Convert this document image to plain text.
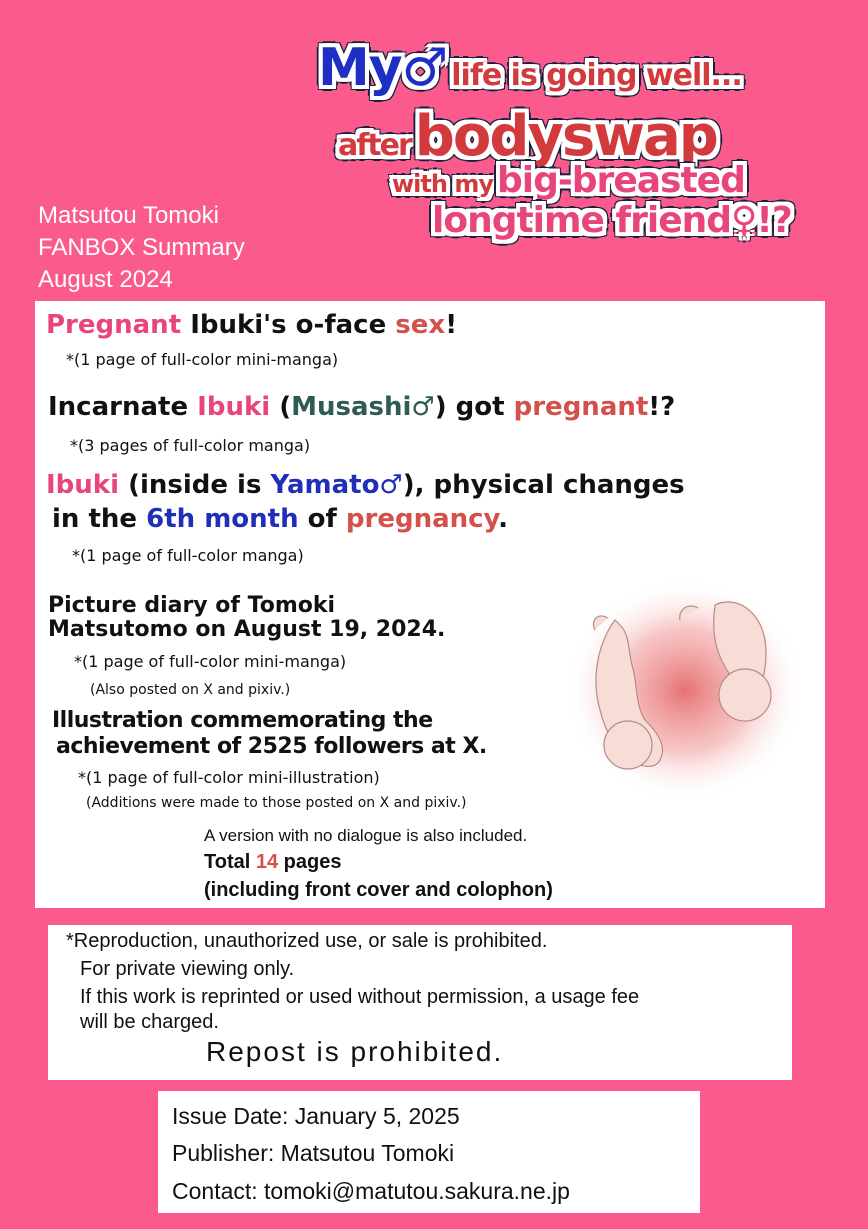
My♂ life is going well...
afterbodyswap
with my big-breasted
longtime friend♀!?
Matsutou Tomoki
FANBOX Summary
August 2024
Pregnant Ibuki's o-face sex!
*(1 page of full-color mini-manga)
Incarnate Ibuki (Musashi♂) got pregnant!?
*(3 pages of full-color manga)
Ibuki (inside is Yamato♂), physical changes
in the 6th month of pregnancy.
*(1 page of full-color manga)
Picture diary of Tomoki
Matsutomo on August 19, 2024.
*(1 page of full-color mini-manga)
(Also posted on X and pixiv.)
Illustration commemorating the
achievement of 2525 followers at X.
*(1 page of full-color mini-illustration)
(Additions were made to those posted on X and pixiv.)
A version with no dialogue is also included.
Total 14 pages
(including front cover and colophon)
*Reproduction, unauthorized use, or sale is prohibited.
For private viewing only.
If this work is reprinted or used without permission, a usage fee
will be charged.
Repost is prohibited.
Issue Date: January 5, 2025
Publisher: Matsutou Tomoki
Contact: tomoki@matutou.sakura.ne.jp
